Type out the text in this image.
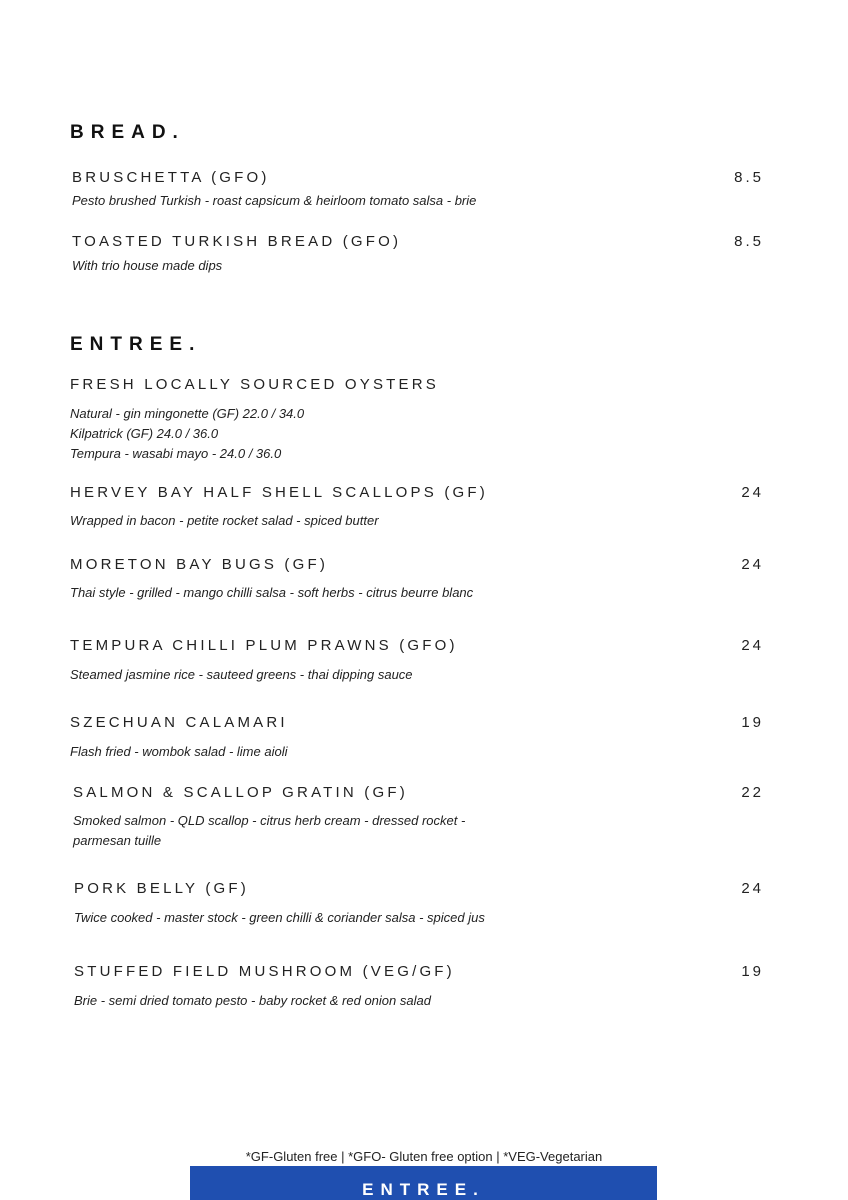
BREAD.
BRUSCHETTA (GFO)	8.5
Pesto brushed Turkish - roast capsicum & heirloom tomato salsa - brie
TOASTED TURKISH BREAD (GFO)	8.5
With trio house made dips
ENTREE.
FRESH LOCALLY SOURCED OYSTERS
Natural - gin mingonette (GF) 22.0 / 34.0
Kilpatrick (GF) 24.0 / 36.0
Tempura - wasabi mayo - 24.0 / 36.0
HERVEY BAY HALF SHELL SCALLOPS (GF)	24
Wrapped in bacon - petite rocket salad - spiced butter
MORETON BAY BUGS (GF)	24
Thai style - grilled - mango chilli salsa - soft herbs - citrus beurre blanc
TEMPURA CHILLI PLUM PRAWNS (GFO)	24
Steamed jasmine rice - sauteed greens - thai dipping sauce
SZECHUAN CALAMARI	19
Flash fried - wombok salad - lime aioli
SALMON & SCALLOP GRATIN (GF)	22
Smoked salmon - QLD scallop - citrus herb cream - dressed rocket -
parmesan tuille
PORK BELLY (GF)	24
Twice cooked - master stock - green chilli & coriander salsa - spiced jus
STUFFED FIELD MUSHROOM (VEG/GF)	19
Brie - semi dried tomato pesto - baby rocket & red onion salad
*GF-Gluten free | *GFO- Gluten free option | *VEG-Vegetarian
ENTREE.
